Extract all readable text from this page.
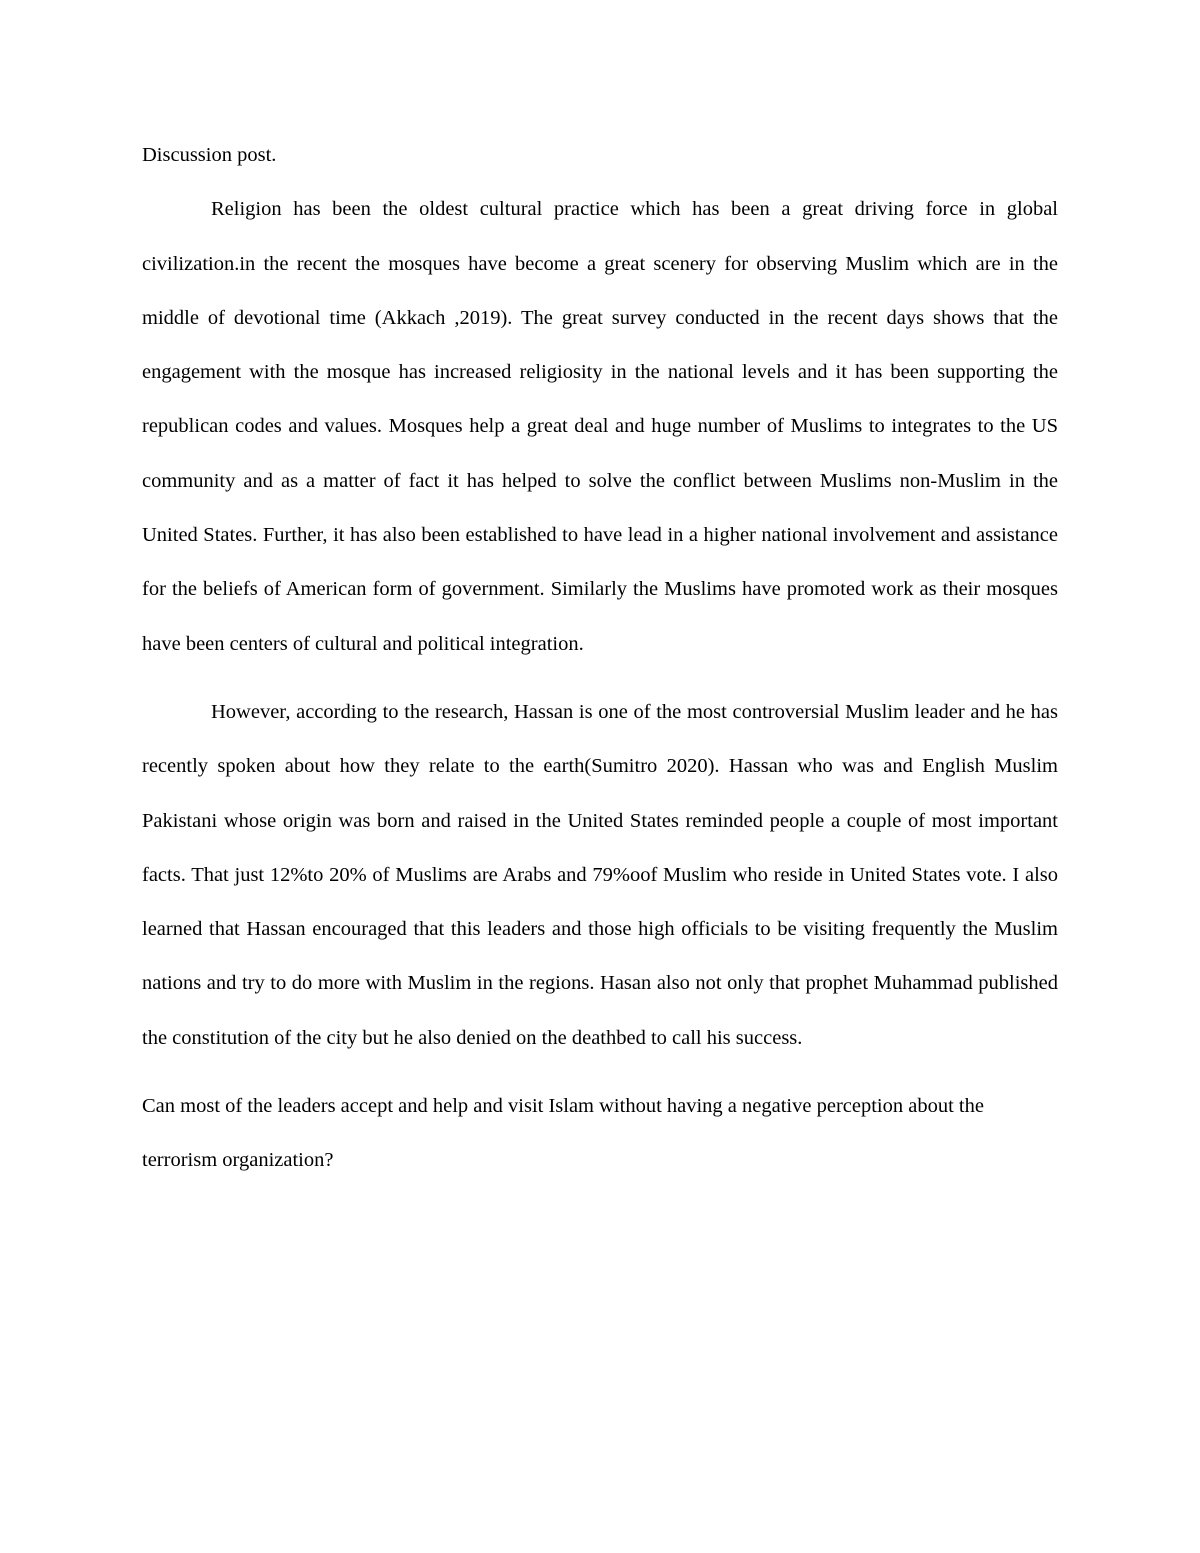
Discussion post.

Religion has been the oldest cultural practice which has been a great driving force in global civilization.in the recent the mosques have become a great scenery for observing Muslim which are in the middle of devotional time (Akkach ,2019). The great survey conducted in the recent days shows that the engagement with the mosque has increased religiosity in the national levels and it has been supporting the republican codes and values. Mosques help a great deal and huge number of Muslims to integrates to the US community and as a matter of fact it has helped to solve the conflict between Muslims non-Muslim in the United States. Further, it has also been established to have lead in a higher national involvement and assistance for the beliefs of American form of government. Similarly the Muslims have promoted work as their mosques have been centers of cultural and political integration.

However, according to the research, Hassan is one of the most controversial Muslim leader and he has recently spoken about how they relate to the earth(Sumitro 2020). Hassan who was and English Muslim Pakistani whose origin was born and raised in the United States reminded people a couple of most important facts. That just 12%to 20% of Muslims are Arabs and 79%oof Muslim who reside in United States vote. I also learned that Hassan encouraged that this leaders and those high officials to be visiting frequently the Muslim nations and try to do more with Muslim in the regions. Hasan also not only that prophet Muhammad published the constitution of the city but he also denied on the deathbed to call his success.

Can most of the leaders accept and help and visit Islam without having a negative perception about the terrorism organization?
